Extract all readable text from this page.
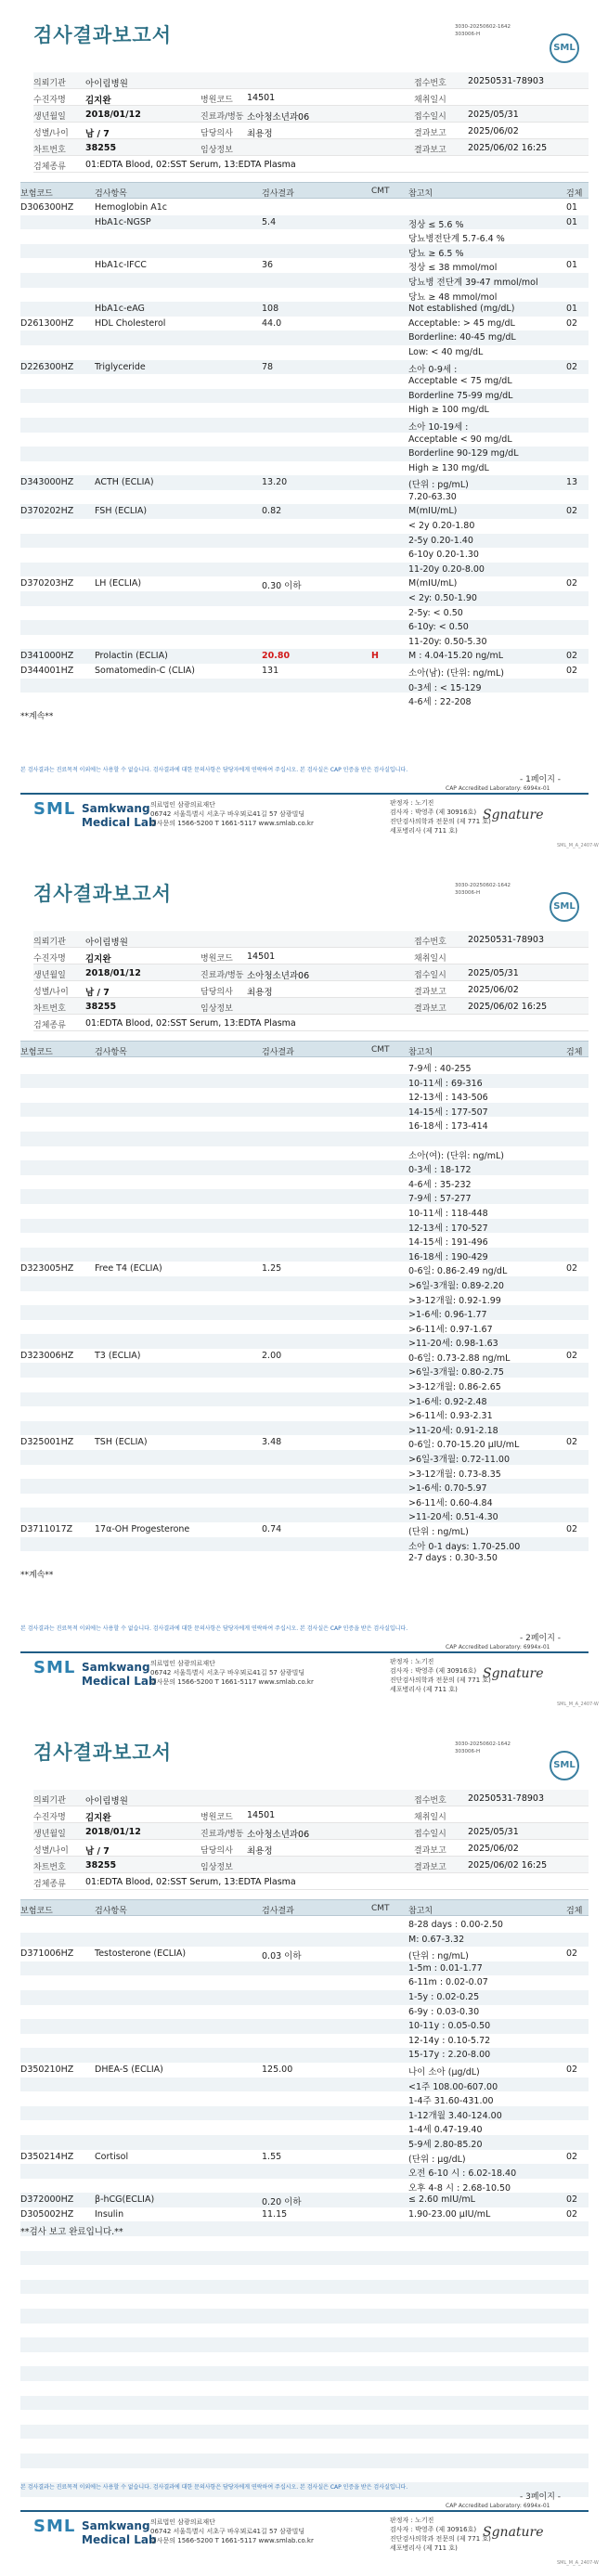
검사결과보고서	3030-20250602-1642
303006-H
SML
의뢰기관 아이림병원	접수번호 20250531-78903
수진자명 김지완	병원코드 14501	채취일시
생년월일 2018/01/12	진료과/병동 소아청소년과06	접수일시 2025/05/31
성별/나이 남 / 7	담당의사 최용정	결과보고 2025/06/02
차트번호 38255	임상정보	결과보고 2025/06/02 16:25
검체종류 01:EDTA Blood, 02:SST Serum, 13:EDTA Plasma
보험코드	검사항목	검사결과	CMT 참고치	검체
D306300HZ Hemoglobin A1c	01
HbA1c-NGSP	5.4	정상 ≤ 5.6 %	01
당뇨병전단계 5.7-6.4 %
당뇨 ≥ 6.5 %
HbA1c-IFCC	36	정상 ≤ 38 mmol/mol	01
당뇨병 전단계 39-47 mmol/mol
당뇨 ≥ 48 mmol/mol
HbA1c-eAG	108	Not established (mg/dL)	01
D261300HZ HDL Cholesterol	44.0	Acceptable: > 45 mg/dL	02
Borderline: 40-45 mg/dL
Low: < 40 mg/dL
D226300HZ Triglyceride	78	소아 0-9세 :	02
Acceptable < 75 mg/dL
Borderline 75-99 mg/dL
High ≥ 100 mg/dL
소아 10-19세 :
Acceptable < 90 mg/dL
Borderline 90-129 mg/dL
High ≥ 130 mg/dL
D343000HZ ACTH (ECLIA)	13.20	(단위 : pg/mL)	13
7.20-63.30
D370202HZ FSH (ECLIA)	0.82	M(mIU/mL)	02
< 2y 0.20-1.80
2-5y 0.20-1.40
6-10y 0.20-1.30
11-20y 0.20-8.00
D370203HZ LH (ECLIA)	0.30 이하	M(mIU/mL)	02
< 2y: 0.50-1.90
2-5y: < 0.50
6-10y: < 0.50
11-20y: 0.50-5.30
D341000HZ Prolactin (ECLIA)	20.80	H	M : 4.04-15.20 ng/mL	02
D344001HZ Somatomedin-C (CLIA)	131	소아(남): (단위: ng/mL)	02
0-3세 : < 15-129
4-6세 : 22-208
**계속**
- 1페이지 -
본 검사결과는 진료목적 이외에는 사용할 수 없습니다. 검사결과에 대한 문의사항은 담당자에게 연락하여 주십시오. 본 검사실은 CAP 인증을 받은 검사실입니다.
CAP Accredited Laboratory: 6994x-01
SML Samkwang
Medical Lab
의료법인 삼광의료재단
06742 서울특별시 서초구 바우뫼로41길 57 삼광빌딩
검사문의 1566-5200 T 1661-5117 www.smlab.co.kr
판정자 : 노기진
검사자 : 박영주 (제 30916호)
진단검사의학과 전문의 (제 771 호)
세포병리사 (제 711 호)
Sgnature
SML_M_A_2407-W
검사결과보고서	3030-20250602-1642
303006-H
SML
의뢰기관 아이림병원	접수번호 20250531-78903
수진자명 김지완	병원코드 14501	채취일시
생년월일 2018/01/12	진료과/병동 소아청소년과06	접수일시 2025/05/31
성별/나이 남 / 7	담당의사 최용정	결과보고 2025/06/02
차트번호 38255	임상정보	결과보고 2025/06/02 16:25
검체종류 01:EDTA Blood, 02:SST Serum, 13:EDTA Plasma
보험코드	검사항목	검사결과	CMT 참고치	검체
7-9세 : 40-255
10-11세 : 69-316
12-13세 : 143-506
14-15세 : 177-507
16-18세 : 173-414
소아(여): (단위: ng/mL)
0-3세 : 18-172
4-6세 : 35-232
7-9세 : 57-277
10-11세 : 118-448
12-13세 : 170-527
14-15세 : 191-496
16-18세 : 190-429
D323005HZ Free T4 (ECLIA)	1.25	0-6일: 0.86-2.49 ng/dL	02
>6일-3개월: 0.89-2.20
>3-12개월: 0.92-1.99
>1-6세: 0.96-1.77
>6-11세: 0.97-1.67
>11-20세: 0.98-1.63
D323006HZ T3 (ECLIA)	2.00	0-6일: 0.73-2.88 ng/mL	02
>6일-3개월: 0.80-2.75
>3-12개월: 0.86-2.65
>1-6세: 0.92-2.48
>6-11세: 0.93-2.31
>11-20세: 0.91-2.18
D325001HZ TSH (ECLIA)	3.48	0-6일: 0.70-15.20 μIU/mL	02
>6일-3개월: 0.72-11.00
>3-12개월: 0.73-8.35
>1-6세: 0.70-5.97
>6-11세: 0.60-4.84
>11-20세: 0.51-4.30
D3711017Z	17α-OH Progesterone	0.74	(단위 : ng/mL)	02
소아 0-1 days: 1.70-25.00
2-7 days : 0.30-3.50
**계속**
- 2페이지 -
본 검사결과는 진료목적 이외에는 사용할 수 없습니다. 검사결과에 대한 문의사항은 담당자에게 연락하여 주십시오. 본 검사실은 CAP 인증을 받은 검사실입니다.
CAP Accredited Laboratory: 6994x-01
SML Samkwang
Medical Lab
의료법인 삼광의료재단
06742 서울특별시 서초구 바우뫼로41길 57 삼광빌딩
검사문의 1566-5200 T 1661-5117 www.smlab.co.kr
판정자 : 노기진
검사자 : 박영주 (제 30916호)
진단검사의학과 전문의 (제 771 호)
세포병리사 (제 711 호)
Sgnature
SML_M_A_2407-W
검사결과보고서	3030-20250602-1642
303006-H
SML
의뢰기관 아이림병원	접수번호 20250531-78903
수진자명 김지완	병원코드 14501	채취일시
생년월일 2018/01/12	진료과/병동 소아청소년과06	접수일시 2025/05/31
성별/나이 남 / 7	담당의사 최용정	결과보고 2025/06/02
차트번호 38255	임상정보	결과보고 2025/06/02 16:25
검체종류 01:EDTA Blood, 02:SST Serum, 13:EDTA Plasma
보험코드	검사항목	검사결과	CMT 참고치	검체
8-28 days : 0.00-2.50
M: 0.67-3.32
D371006HZ Testosterone (ECLIA)	0.03 이하	(단위 : ng/mL)	02
1-5m : 0.01-1.77
6-11m : 0.02-0.07
1-5y : 0.02-0.25
6-9y : 0.03-0.30
10-11y : 0.05-0.50
12-14y : 0.10-5.72
15-17y : 2.20-8.00
D350210HZ DHEA-S (ECLIA)	125.00	나이 소아 (μg/dL)	02
<1주 108.00-607.00
1-4주 31.60-431.00
1-12개월 3.40-124.00
1-4세 0.47-19.40
5-9세 2.80-85.20
D350214HZ Cortisol	1.55	(단위 : μg/dL)	02
오전 6-10 시 : 6.02-18.40
오후 4-8 시 : 2.68-10.50
D372000HZ β-hCG(ECLIA)	0.20 이하	≤ 2.60 mIU/mL	02
D305002HZ Insulin	11.15	1.90-23.00 μIU/mL	02
**검사 보고 완료입니다.**
- 3페이지 -
본 검사결과는 진료목적 이외에는 사용할 수 없습니다. 검사결과에 대한 문의사항은 담당자에게 연락하여 주십시오. 본 검사실은 CAP 인증을 받은 검사실입니다.
CAP Accredited Laboratory: 6994x-01
SML Samkwang
Medical Lab
의료법인 삼광의료재단
06742 서울특별시 서초구 바우뫼로41길 57 삼광빌딩
검사문의 1566-5200 T 1661-5117 www.smlab.co.kr
판정자 : 노기진
검사자 : 박영주 (제 30916호)
진단검사의학과 전문의 (제 771 호)
세포병리사 (제 711 호)
Sgnature
SML_M_A_2407-W
